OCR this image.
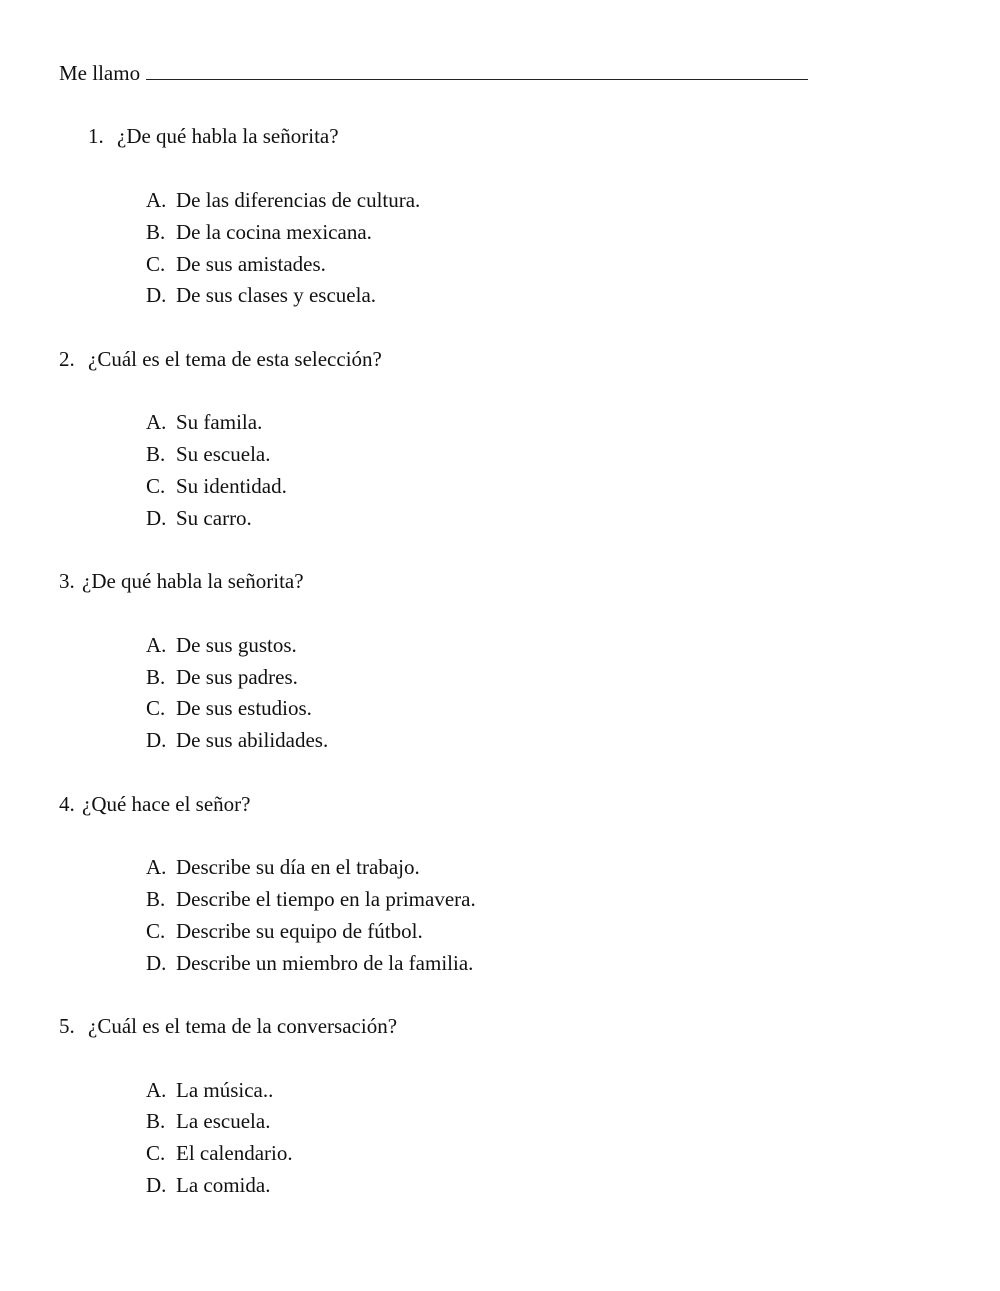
Me llamo
1. ¿De qué habla la señorita?
A. De las diferencias de cultura.
B. De la cocina mexicana.
C. De sus amistades.
D. De sus clases y escuela.
2. ¿Cuál es el tema de esta selección?
A. Su famila.
B. Su escuela.
C. Su identidad.
D. Su carro.
3. ¿De qué habla la señorita?
A. De sus gustos.
B. De sus padres.
C. De sus estudios.
D. De sus abilidades.
4. ¿Qué hace el señor?
A. Describe su día en el trabajo.
B. Describe el tiempo en la primavera.
C. Describe su equipo de fútbol.
D. Describe un miembro de la familia.
5. ¿Cuál es el tema de la conversación?
A. La música..
B. La escuela.
C. El calendario.
D. La comida.
